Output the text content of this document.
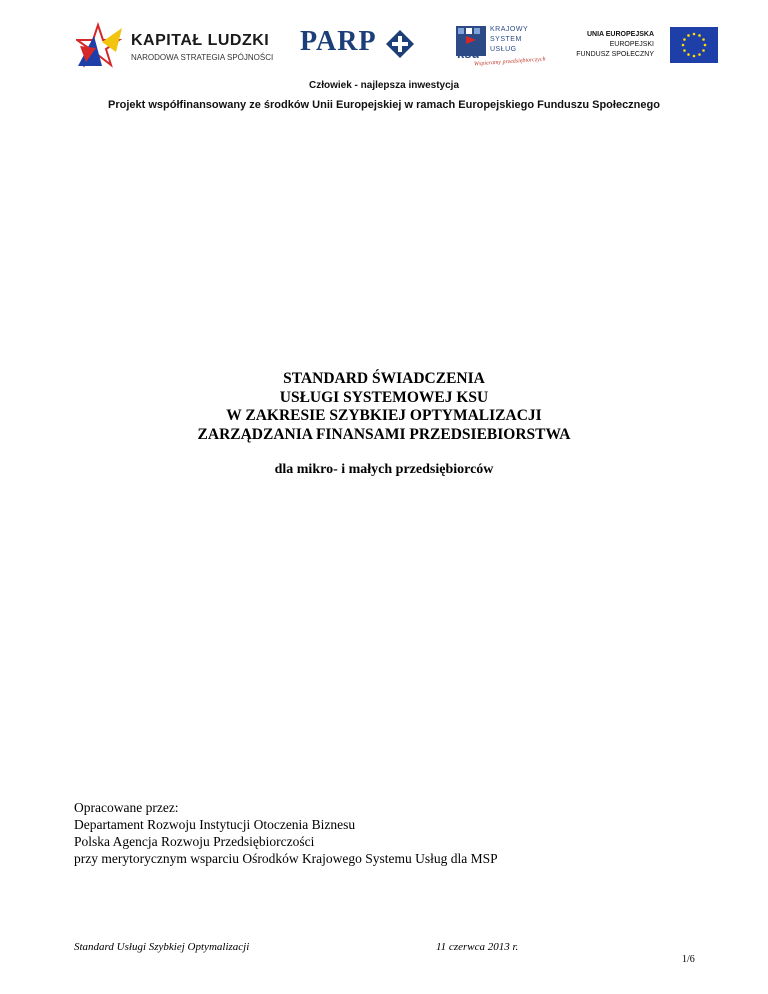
KAPITAŁ LUDZKI
NARODOWA STRATEGIA SPÓJNOŚCI
PARP	ksu
KRAJOWY
SYSTEM
USŁUG
Wspieramy przedsiębiorczych
UNIA EUROPEJSKA
EUROPEJSKI
FUNDUSZ SPOŁECZNY
Człowiek - najlepsza inwestycja
Projekt współfinansowany ze środków Unii Europejskiej w ramach Europejskiego Funduszu Społecznego
STANDARD ŚWIADCZENIA
USŁUGI SYSTEMOWEJ KSU
W ZAKRESIE SZYBKIEJ OPTYMALIZACJI
ZARZĄDZANIA FINANSAMI PRZEDSIEBIORSTWA
dla mikro- i małych przedsiębiorców
Opracowane przez:
Departament Rozwoju Instytucji Otoczenia Biznesu
Polska Agencja Rozwoju Przedsiębiorczości
przy merytorycznym wsparciu Ośrodków Krajowego Systemu Usług dla MSP
Standard Usługi Szybkiej Optymalizacji	11 czerwca 2013 r.
1/6
